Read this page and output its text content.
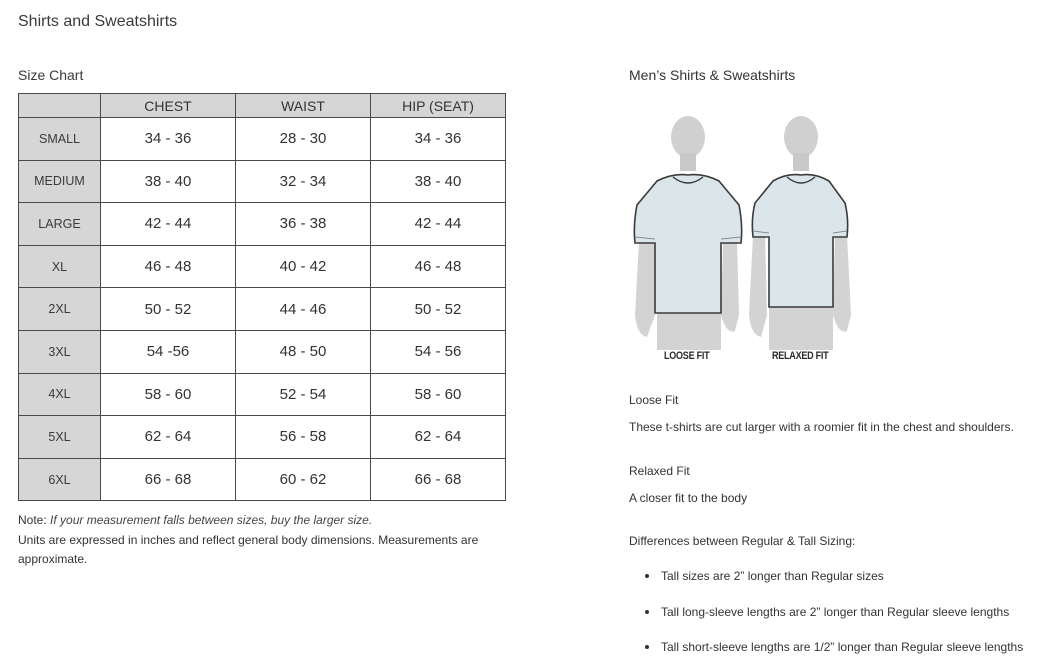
Shirts and Sweatshirts
Size Chart
	CHEST	WAIST	HIP (SEAT)
SMALL	34 - 36	28 - 30	34 - 36
MEDIUM	38 - 40	32 - 34	38 - 40
LARGE	42 - 44	36 - 38	42 - 44
XL	46 - 48	40 - 42	46 - 48
2XL	50 - 52	44 - 46	50 - 52
3XL	54 -56	48 - 50	54 - 56
4XL	58 - 60	52 - 54	58 - 60
5XL	62 - 64	56 - 58	62 - 64
6XL	66 - 68	60 - 62	66 - 68
Note: If your measurement falls between sizes, buy the larger size.
Units are expressed in inches and reflect general body dimensions. Measurements are approximate.
Men’s Shirts & Sweatshirts
LOOSE FIT	RELAXED FIT
Loose Fit
These t-shirts are cut larger with a roomier fit in the chest and shoulders.
Relaxed Fit
A closer fit to the body
Differences between Regular & Tall Sizing:
Tall sizes are 2” longer than Regular sizes
Tall long-sleeve lengths are 2” longer than Regular sleeve lengths
Tall short-sleeve lengths are 1/2” longer than Regular sleeve lengths
